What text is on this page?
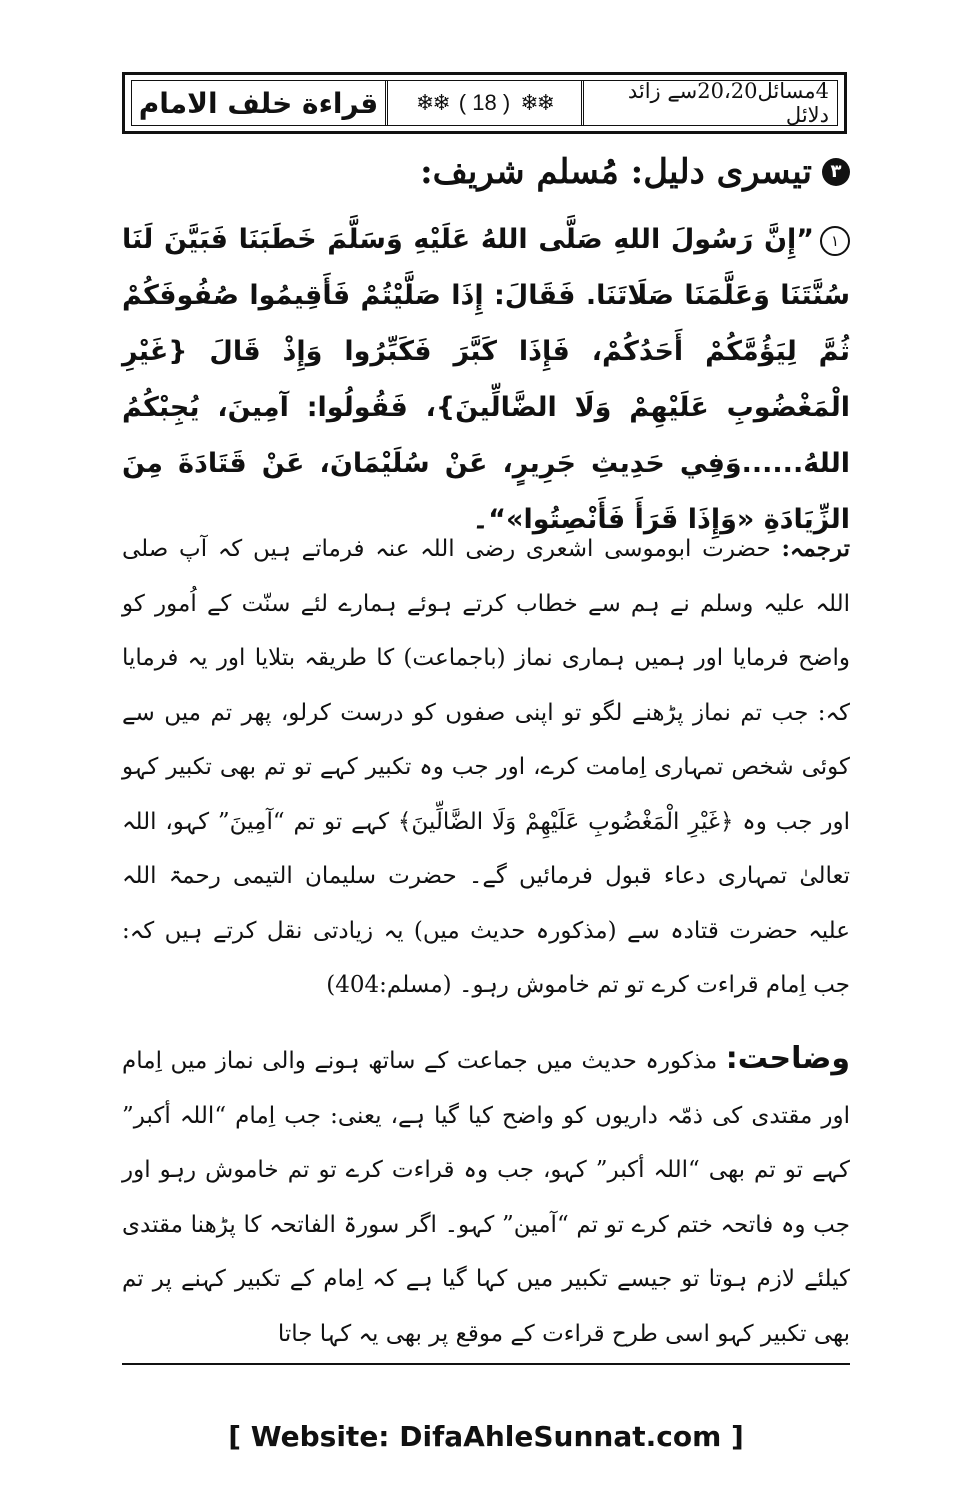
قراءة خلف الامام	❄❄ ( 18 ) ❄❄	4مسائل20،20سے زائد دلائل
٣
تیسری دلیل: مُسلم شریف:
١”إِنَّ رَسُولَ اللهِ صَلَّى اللهُ عَلَيْهِ وَسَلَّمَ خَطَبَنَا فَبَيَّنَ لَنَا سُنَّتَنَا وَعَلَّمَنَا صَلَاتَنَا. فَقَالَ: إِذَا صَلَّيْتُمْ فَأَقِيمُوا صُفُوفَكُمْ ثُمَّ لِيَؤُمَّكُمْ أَحَدُكُمْ، فَإِذَا كَبَّرَ فَكَبِّرُوا وَإِذْ قَالَ {غَيْرِ الْمَغْضُوبِ عَلَيْهِمْ وَلَا الضَّالِّينَ}، فَقُولُوا: آمِينَ، يُجِبْكُمُ اللهُ......وَفِي حَدِيثِ جَرِيرٍ، عَنْ سُلَيْمَانَ، عَنْ قَتَادَةَ مِنَ الزِّيَادَةِ «وَإِذَا قَرَأَ فَأَنْصِتُوا»“۔
ترجمہ: حضرت ابوموسی اشعری رضی اللہ عنہ فرماتے ہیں کہ آپ صلی اللہ علیہ وسلم نے ہم سے خطاب کرتے ہوئے ہمارے لئے سنّت کے اُمور کو واضح فرمایا اور ہمیں ہماری نماز (باجماعت) کا طریقہ بتلایا اور یہ فرمایا کہ: جب تم نماز پڑھنے لگو تو اپنی صفوں کو درست کرلو، پھر تم میں سے کوئی شخص تمہاری اِمامت کرے، اور جب وہ تکبیر کہے تو تم بھی تکبیر کہو اور جب وہ ﴿غَيْرِ الْمَغْضُوبِ عَلَيْهِمْ وَلَا الضَّالِّينَ﴾ کہے تو تم “آمِینَ” کہو، اللہ تعالیٰ تمہاری دعاء قبول فرمائیں گے۔ حضرت سلیمان التیمی رحمۃ اللہ علیہ حضرت قتادہ سے (مذکورہ حدیث میں) یہ زیادتی نقل کرتے ہیں کہ: جب اِمام قراءت کرے تو تم خاموش رہو۔ (مسلم:404)
وضاحت: مذکورہ حدیث میں جماعت کے ساتھ ہونے والی نماز میں اِمام اور مقتدی کی ذمّہ داریوں کو واضح کیا گیا ہے، یعنی: جب اِمام “اللہ أکبر” کہے تو تم بھی “اللہ أکبر” کہو، جب وہ قراءت کرے تو تم خاموش رہو اور جب وہ فاتحہ ختم کرے تو تم “آمین” کہو۔ اگر سورۃ الفاتحہ کا پڑھنا مقتدی کیلئے لازم ہوتا تو جیسے تکبیر میں کہا گیا ہے کہ اِمام کے تکبیر کہنے پر تم بھی تکبیر کہو اسی طرح قراءت کے موقع پر بھی یہ کہا جاتا
[ Website: DifaAhleSunnat.com ]
